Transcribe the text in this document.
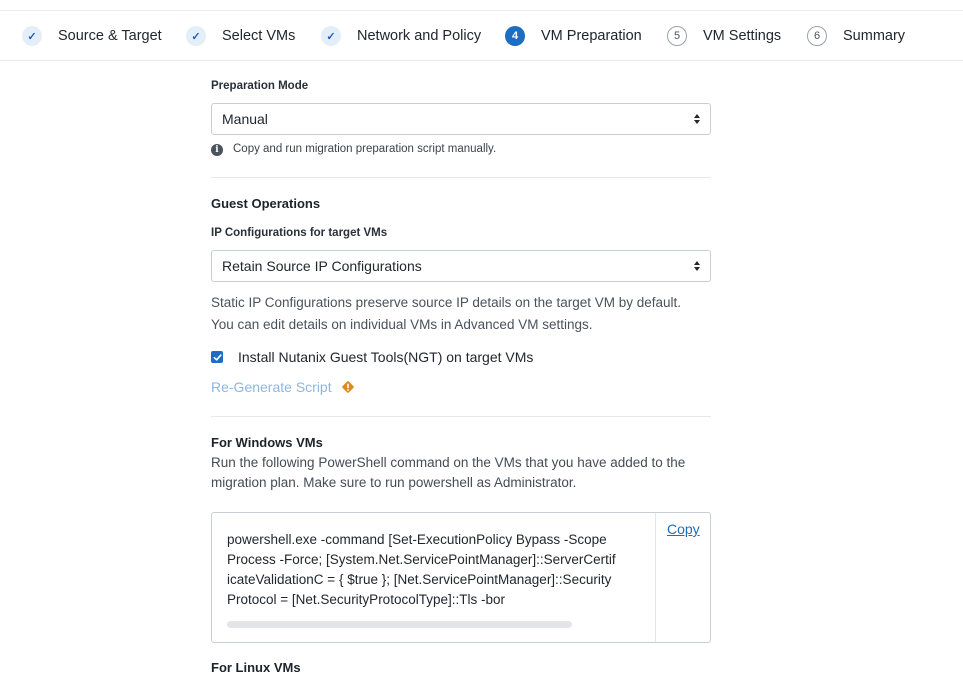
✓	Source & Target	✓	Select VMs	✓	Network and Policy	4	VM Preparation	5	VM Settings	6	Summary
Preparation Mode
Manual
i	Copy and run migration preparation script manually.
Guest Operations
IP Configurations for target VMs
Retain Source IP Configurations
Static IP Configurations preserve source IP details on the target VM by default.
You can edit details on individual VMs in Advanced VM settings.
Install Nutanix Guest Tools(NGT) on target VMs
Re-Generate Script
For Windows VMs
Run the following PowerShell command on the VMs that you have added to the
migration plan. Make sure to run powershell as Administrator.
powershell.exe -command [Set-ExecutionPolicy Bypass -Scope Process -Force; [System.Net.ServicePointManager]::ServerCertificateValidationC = { $true }; [Net.ServicePointManager]::SecurityProtocol = [Net.SecurityProtocolType]::Tls -bor
Copy
For Linux VMs
